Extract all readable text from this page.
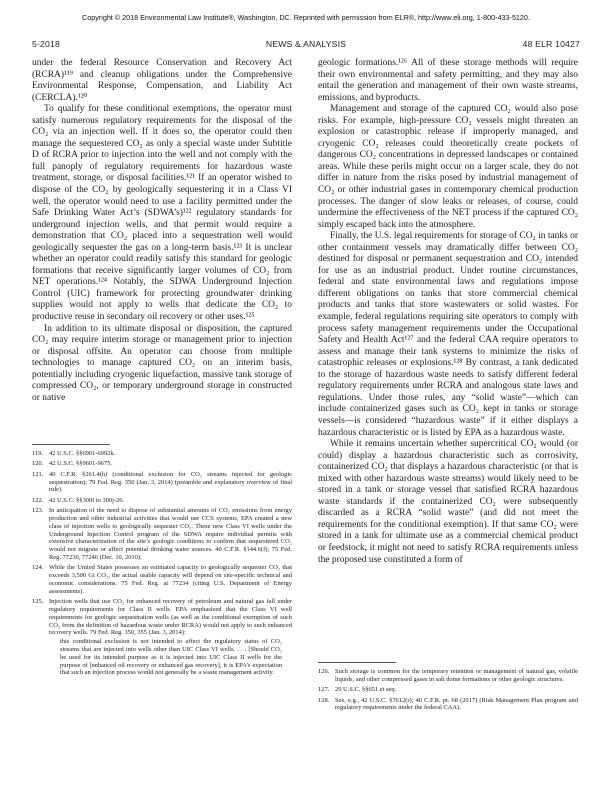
Copyright © 2018 Environmental Law Institute®, Washington, DC. Reprinted with permission from ELR®, http://www.eli.org, 1-800-433-5120.
5-2018	NEWS & ANALYSIS	48 ELR 10427

under the federal Resource Conservation and Recovery Act (RCRA)¹¹⁹ and cleanup obligations under the Comprehensive Environmental Response, Compensation, and Liability Act (CERCLA).¹²⁰

To qualify for these conditional exemptions, the operator must satisfy numerous regulatory requirements for the disposal of the CO₂ via an injection well. If it does so, the operator could then manage the sequestered CO₂ as only a special waste under Subtitle D of RCRA prior to injection into the well and not comply with the full panoply of regulatory requirements for hazardous waste treatment, storage, or disposal facilities.¹²¹ If an operator wished to dispose of the CO₂ by geologically sequestering it in a Class VI well, the operator would need to use a facility permitted under the Safe Drinking Water Act’s (SDWA’s)¹²² regulatory standards for underground injection wells, and that permit would require a demonstration that CO₂ placed into a sequestration well would geologically sequester the gas on a long-term basis.¹²³ It is unclear whether an operator could readily satisfy this standard for geologic formations that receive significantly larger volumes of CO₂ from NET operations.¹²⁴ Notably, the SDWA Underground Injection Control (UIC) framework for protecting groundwater drinking supplies would not apply to wells that dedicate the CO₂ to productive reuse in secondary oil recovery or other uses.¹²⁵

In addition to its ultimate disposal or disposition, the captured CO₂ may require interim storage or management prior to injection or disposal offsite. An operator can choose from multiple technologies to manage captured CO₂ on an interim basis, potentially including cryogenic liquefaction, massive tank storage of compressed CO₂, or temporary underground storage in constructed or native

geologic formations.¹²⁶ All of these storage methods will require their own environmental and safety permitting, and they may also entail the generation and management of their own waste streams, emissions, and byproducts.

Management and storage of the captured CO₂ would also pose risks. For example, high-pressure CO₂ vessels might threaten an explosion or catastrophic release if improperly managed, and cryogenic CO₂ releases could theoretically create pockets of dangerous CO₂ concentrations in depressed landscapes or contained areas. While these perils might occur on a larger scale, they do not differ in nature from the risks posed by industrial management of CO₂ or other industrial gases in contemporary chemical production processes. The danger of slow leaks or releases, of course, could undermine the effectiveness of the NET process if the captured CO₂ simply escaped back into the atmosphere.

Finally, the U.S. legal requirements for storage of CO₂ in tanks or other containment vessels may dramatically differ between CO₂ destined for disposal or permanent sequestration and CO₂ intended for use as an industrial product. Under routine circumstances, federal and state environmental laws and regulations impose different obligations on tanks that store commercial chemical products and tanks that store wastewaters or solid wastes. For example, federal regulations requiring site operators to comply with process safety management requirements under the Occupational Safety and Health Act¹²⁷ and the federal CAA require operators to assess and manage their tank systems to minimize the risks of catastrophic releases or explosions.¹²⁸ By contrast, a tank dedicated to the storage of hazardous waste needs to satisfy different federal regulatory requirements under RCRA and analogous state laws and regulations. Under those rules, any “solid waste”—which can include containerized gases such as CO₂ kept in tanks or storage vessels—is considered “hazardous waste” if it either displays a hazardous characteristic or is listed by EPA as a hazardous waste.

While it remains uncertain whether supercritical CO₂ would (or could) display a hazardous characteristic such as corrosivity, containerized CO₂ that displays a hazardous characteristic (or that is mixed with other hazardous waste streams) would likely need to be stored in a tank or storage vessel that satisfied RCRA hazardous waste standards if the containerized CO₂ were subsequently discarded as a RCRA “solid waste” (and did not meet the requirements for the conditional exemption). If that same CO₂ were stored in a tank for ultimate use as a commercial chemical product or feedstock, it might not need to satisfy RCRA requirements unless the proposed use constituted a form of

119. 42 U.S.C. §§6901-6992k.
120. 42 U.S.C. §§9601-9675.
121. 40 C.F.R. §261.4(h) (conditional exclusion for CO₂ streams injected for geologic sequestration); 79 Fed. Reg. 350 (Jan. 3, 2014) (preamble and explanatory overview of final rule).
122. 42 U.S.C. §§300f to 300j-26.
123. In anticipation of the need to dispose of substantial amounts of CO₂ emissions from energy production and other industrial activities that would use CCS systems, EPA created a new class of injection wells to geologically sequester CO₂. These new Class VI wells under the Underground Injection Control program of the SDWA require individual permits with extensive characterization of the site’s geologic conditions to confirm that sequestered CO₂ would not migrate or affect potential drinking water sources. 40 C.F.R. §144.6(f); 75 Fed. Reg. 77230, 77246 (Dec. 10, 2010).
124. While the United States possesses an estimated capacity to geologically sequester CO₂ that exceeds 3,500 Gt CO₂, the actual usable capacity will depend on site-specific technical and economic considerations. 75 Fed. Reg. at 77234 (citing U.S. Department of Energy assessments).
125. Injection wells that use CO₂ for enhanced recovery of petroleum and natural gas fall under regulatory requirements for Class II wells. EPA emphasized that the Class VI well requirements for geologic sequestration wells (as well as the conditional exemption of such CO₂ from the definition of hazardous waste under RCRA) would not apply to such enhanced recovery wells. 79 Fed. Reg. 350, 355 (Jan. 3, 2014):
this conditional exclusion is not intended to affect the regulatory status of CO₂ streams that are injected into wells other than UIC Class VI wells. . . . [Should CO₂ be used for its intended purpose as it is injected into UIC Class II wells for the purpose of [enhanced oil recovery or enhanced gas recovery], it is EPA’s expectation that such an injection process would not generally be a waste management activity.	126. Such storage is common for the temporary retention or management of natural gas, volatile liquids, and other compressed gases in salt dome formations or other geologic structures.
127. 29 U.S.C. §§651 et seq.
128. See, e.g., 42 U.S.C. §7612(r); 40 C.F.R. pt. 68 (2017) (Risk Management Plan program and regulatory requirements under the federal CAA).
